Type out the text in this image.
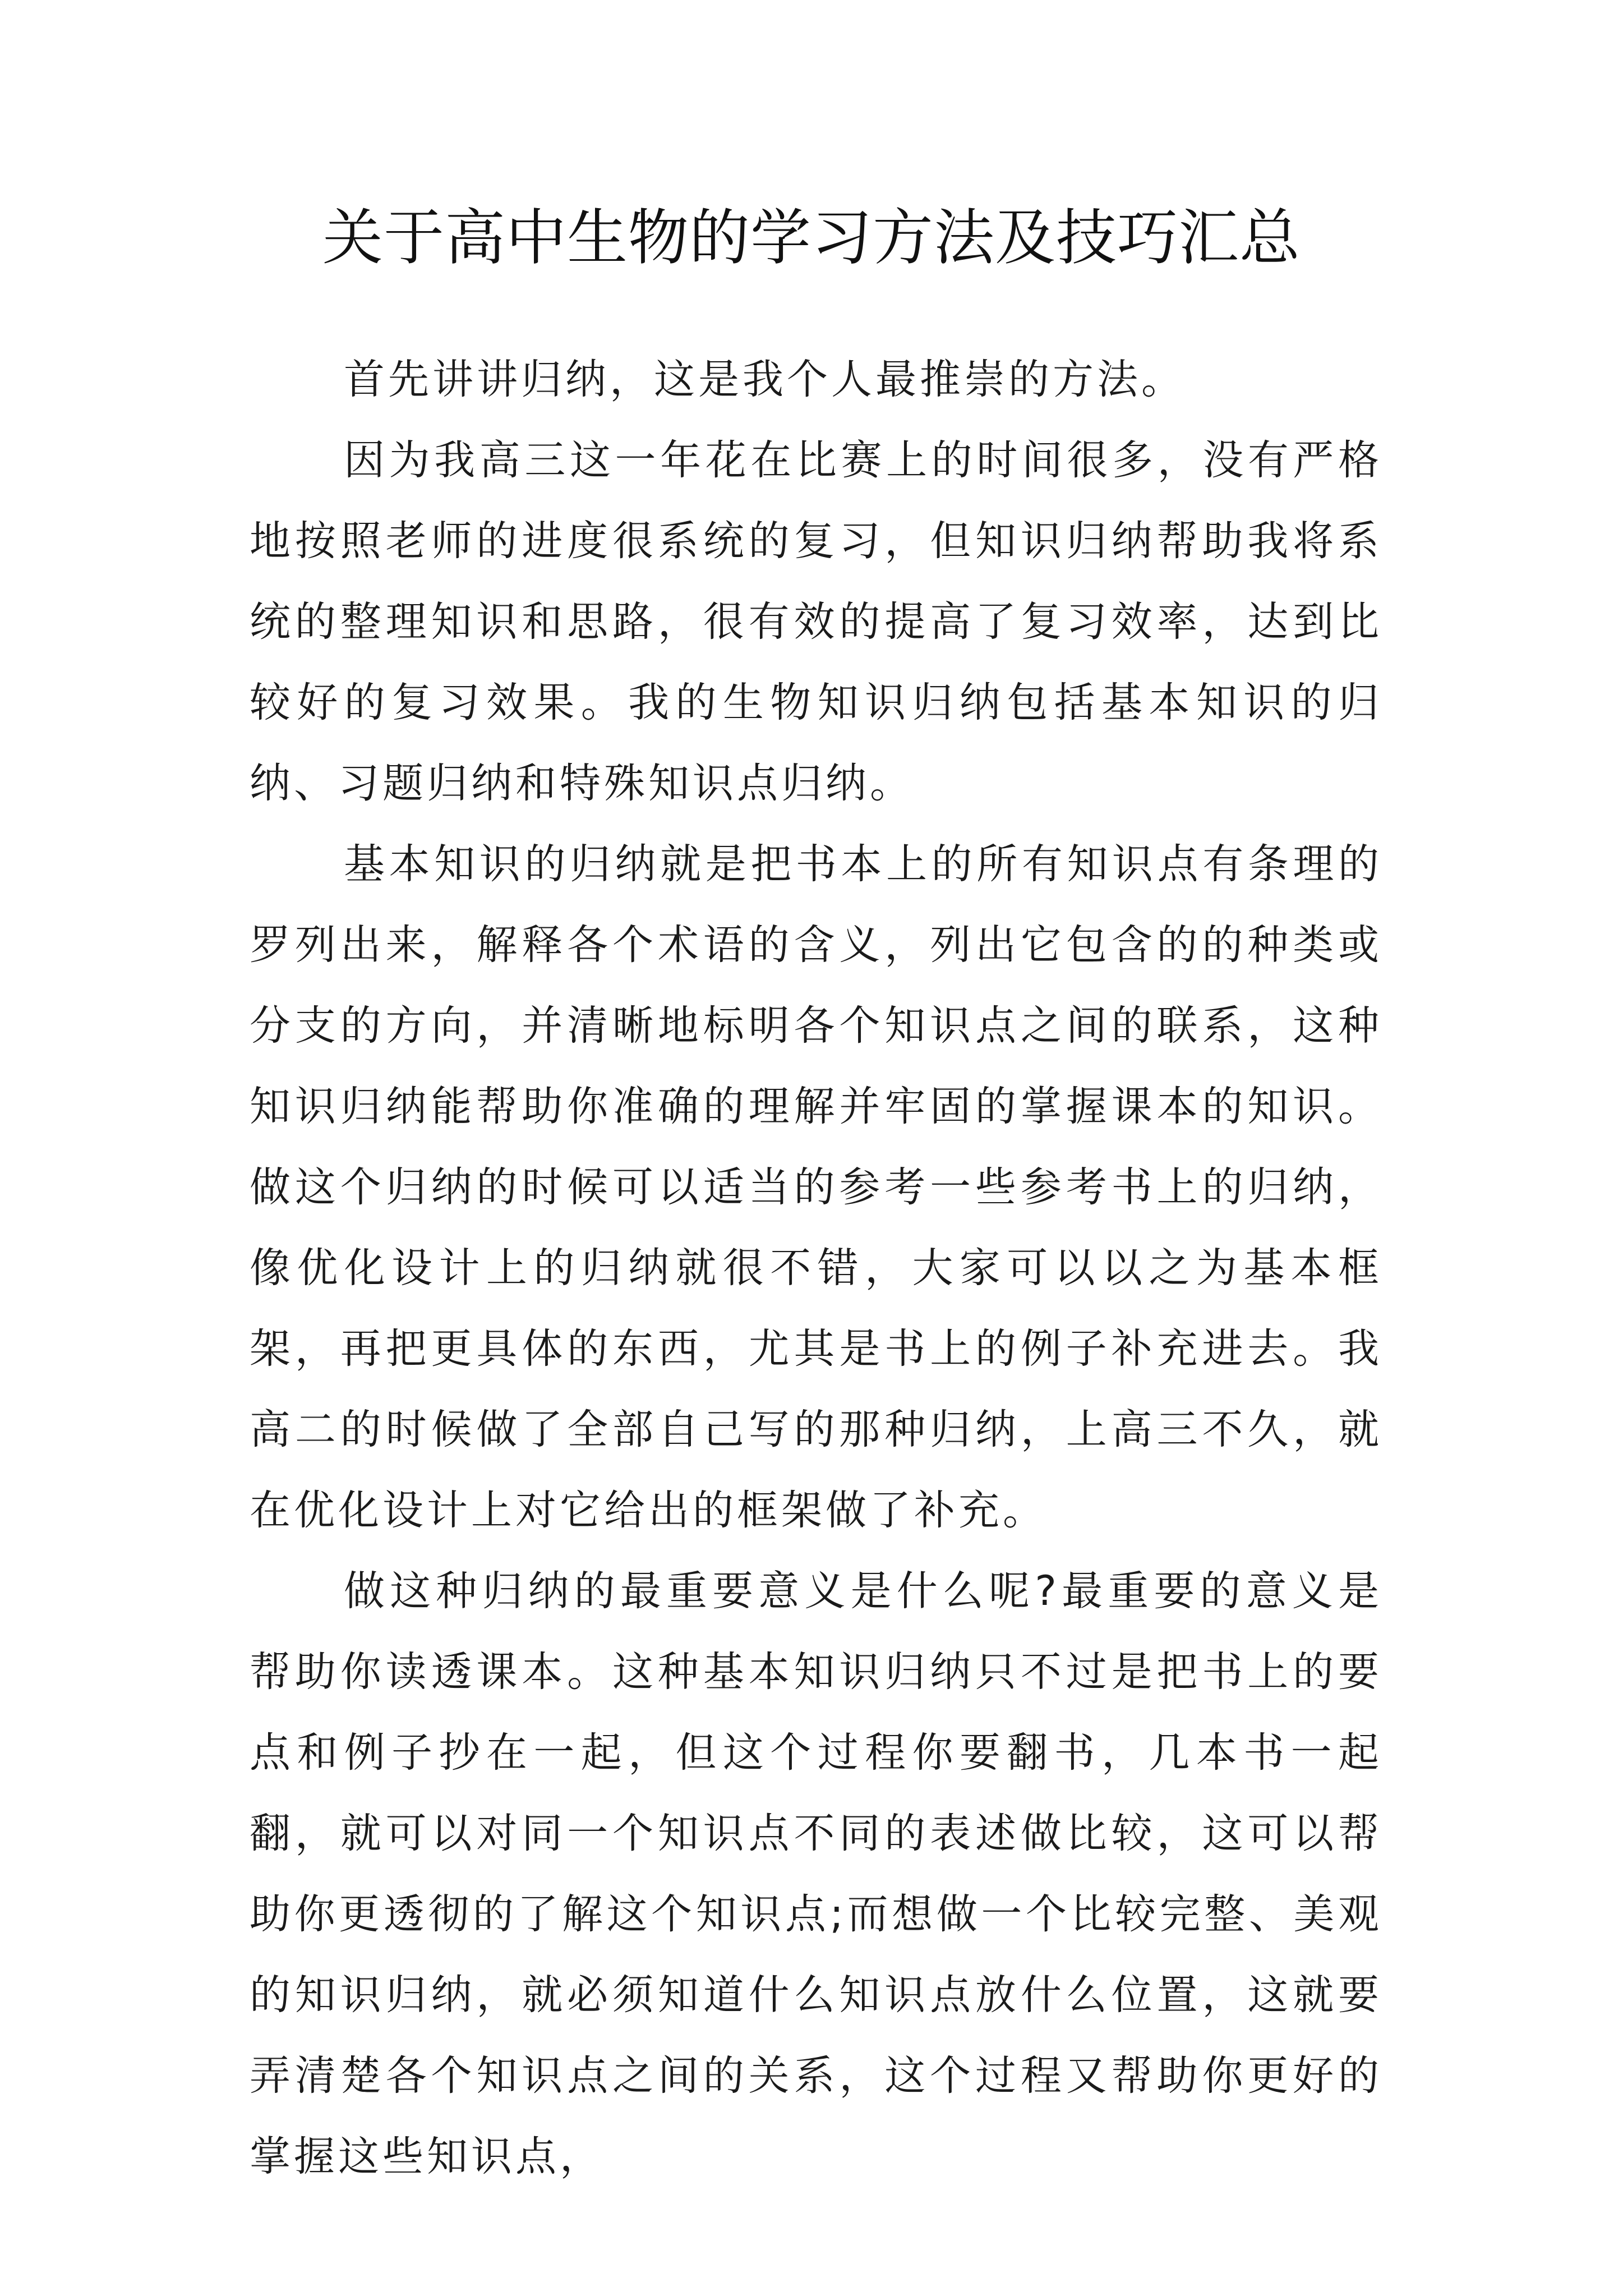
关于高中生物的学习方法及技巧汇总

首先讲讲归纳，这是我个人最推崇的方法。

因为我高三这一年花在比赛上的时间很多，没有严格地按照老师的进度很系统的复习，但知识归纳帮助我将系统的整理知识和思路，很有效的提高了复习效率，达到比较好的复习效果。我的生物知识归纳包括基本知识的归纳、习题归纳和特殊知识点归纳。

基本知识的归纳就是把书本上的所有知识点有条理的罗列出来，解释各个术语的含义，列出它包含的的种类或分支的方向，并清晰地标明各个知识点之间的联系，这种知识归纳能帮助你准确的理解并牢固的掌握课本的知识。做这个归纳的时候可以适当的参考一些参考书上的归纳，像优化设计上的归纳就很不错，大家可以以之为基本框架，再把更具体的东西，尤其是书上的例子补充进去。我高二的时候做了全部自己写的那种归纳，上高三不久，就在优化设计上对它给出的框架做了补充。

做这种归纳的最重要意义是什么呢?最重要的意义是帮助你读透课本。这种基本知识归纳只不过是把书上的要点和例子抄在一起，但这个过程你要翻书，几本书一起翻，就可以对同一个知识点不同的表述做比较，这可以帮助你更透彻的了解这个知识点;而想做一个比较完整、美观的知识归纳，就必须知道什么知识点放什么位置，这就要弄清楚各个知识点之间的关系，这个过程又帮助你更好的掌握这些知识点，
